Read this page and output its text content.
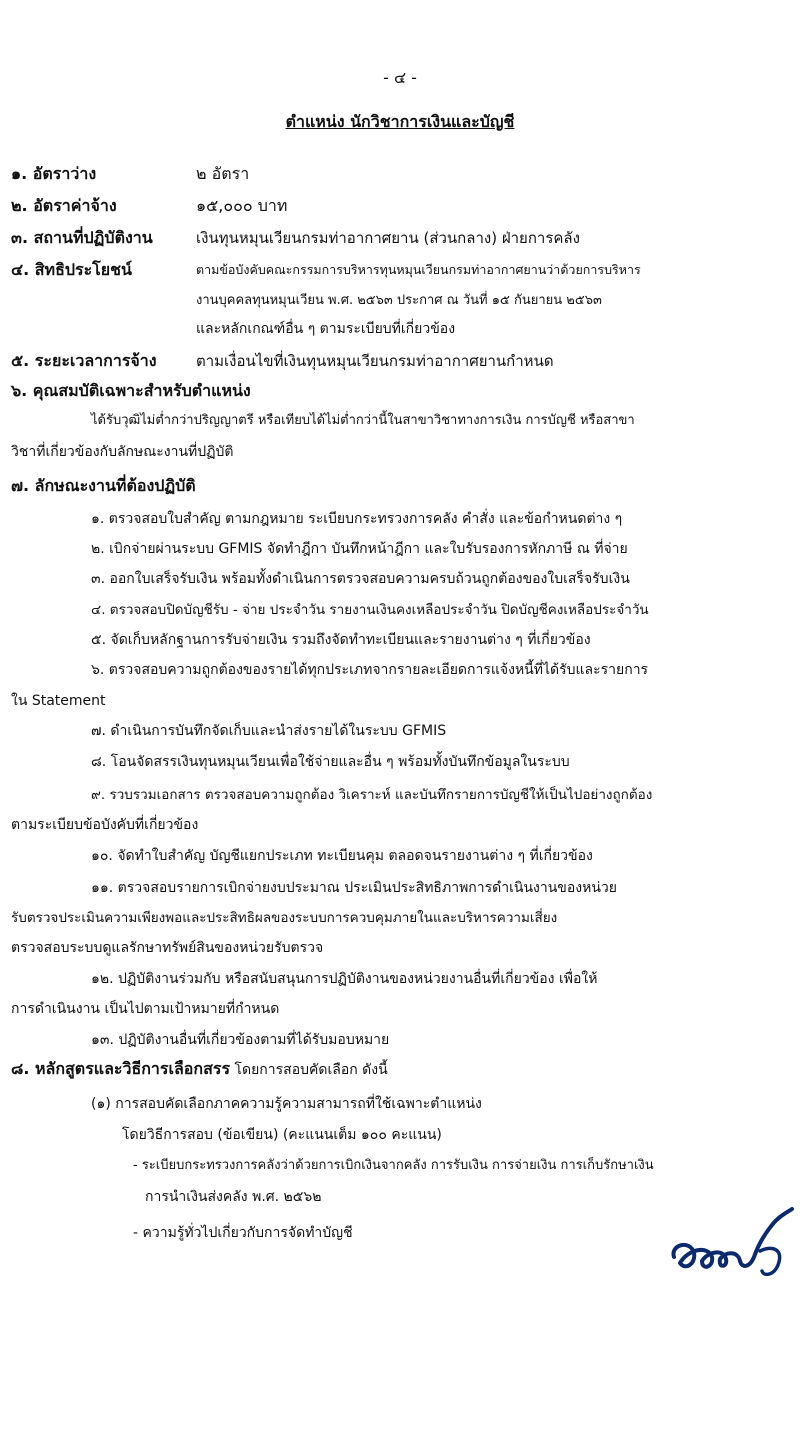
- ๔ -
ตำแหน่ง นักวิชาการเงินและบัญชี
๑. อัตราว่าง	๒ อัตรา
๒. อัตราค่าจ้าง	๑๕,๐๐๐ บาท
๓. สถานที่ปฏิบัติงาน	เงินทุนหมุนเวียนกรมท่าอากาศยาน (ส่วนกลาง) ฝ่ายการคลัง
๔. สิทธิประโยชน์	ตามข้อบังคับคณะกรรมการบริหารทุนหมุนเวียนกรมท่าอากาศยานว่าด้วยการบริหาร
งานบุคคลทุนหมุนเวียน พ.ศ. ๒๕๖๓ ประกาศ ณ วันที่ ๑๕ กันยายน ๒๕๖๓
และหลักเกณฑ์อื่น ๆ ตามระเบียบที่เกี่ยวข้อง
๕. ระยะเวลาการจ้าง	ตามเงื่อนไขที่เงินทุนหมุนเวียนกรมท่าอากาศยานกำหนด
๖. คุณสมบัติเฉพาะสำหรับตำแหน่ง
ได้รับวุฒิไม่ต่ำกว่าปริญญาตรี หรือเทียบได้ไม่ต่ำกว่านี้ในสาขาวิชาทางการเงิน การบัญชี หรือสาขา
วิชาที่เกี่ยวข้องกับลักษณะงานที่ปฏิบัติ
๗. ลักษณะงานที่ต้องปฏิบัติ
๑. ตรวจสอบใบสำคัญ ตามกฎหมาย ระเบียบกระทรวงการคลัง คำสั่ง และข้อกำหนดต่าง ๆ
๒. เบิกจ่ายผ่านระบบ GFMIS จัดทำฎีกา บันทึกหน้าฎีกา และใบรับรองการหักภาษี ณ ที่จ่าย
๓. ออกใบเสร็จรับเงิน พร้อมทั้งดำเนินการตรวจสอบความครบถ้วนถูกต้องของใบเสร็จรับเงิน
๔. ตรวจสอบปิดบัญชีรับ - จ่าย ประจำวัน รายงานเงินคงเหลือประจำวัน ปิดบัญชีคงเหลือประจำวัน
๕. จัดเก็บหลักฐานการรับจ่ายเงิน รวมถึงจัดทำทะเบียนและรายงานต่าง ๆ ที่เกี่ยวข้อง
๖. ตรวจสอบความถูกต้องของรายได้ทุกประเภทจากรายละเอียดการแจ้งหนี้ที่ได้รับและรายการ
ใน Statement
๗. ดำเนินการบันทึกจัดเก็บและนำส่งรายได้ในระบบ GFMIS
๘. โอนจัดสรรเงินทุนหมุนเวียนเพื่อใช้จ่ายและอื่น ๆ พร้อมทั้งบันทึกข้อมูลในระบบ
๙. รวบรวมเอกสาร ตรวจสอบความถูกต้อง วิเคราะห์ และบันทึกรายการบัญชีให้เป็นไปอย่างถูกต้อง
ตามระเบียบข้อบังคับที่เกี่ยวข้อง
๑๐. จัดทำใบสำคัญ บัญชีแยกประเภท ทะเบียนคุม ตลอดจนรายงานต่าง ๆ ที่เกี่ยวข้อง
๑๑. ตรวจสอบรายการเบิกจ่ายงบประมาณ ประเมินประสิทธิภาพการดำเนินงานของหน่วย
รับตรวจประเมินความเพียงพอและประสิทธิผลของระบบการควบคุมภายในและบริหารความเสี่ยง
ตรวจสอบระบบดูแลรักษาทรัพย์สินของหน่วยรับตรวจ
๑๒. ปฏิบัติงานร่วมกับ หรือสนับสนุนการปฏิบัติงานของหน่วยงานอื่นที่เกี่ยวข้อง เพื่อให้
การดำเนินงาน เป็นไปตามเป้าหมายที่กำหนด
๑๓. ปฏิบัติงานอื่นที่เกี่ยวข้องตามที่ได้รับมอบหมาย
๘. หลักสูตรและวิธีการเลือกสรร โดยการสอบคัดเลือก ดังนี้
(๑) การสอบคัดเลือกภาคความรู้ความสามารถที่ใช้เฉพาะตำแหน่ง
โดยวิธีการสอบ (ข้อเขียน) (คะแนนเต็ม ๑๐๐ คะแนน)
- ระเบียบกระทรวงการคลังว่าด้วยการเบิกเงินจากคลัง การรับเงิน การจ่ายเงิน การเก็บรักษาเงิน
การนำเงินส่งคลัง พ.ศ. ๒๕๖๒
- ความรู้ทั่วไปเกี่ยวกับการจัดทำบัญชี
